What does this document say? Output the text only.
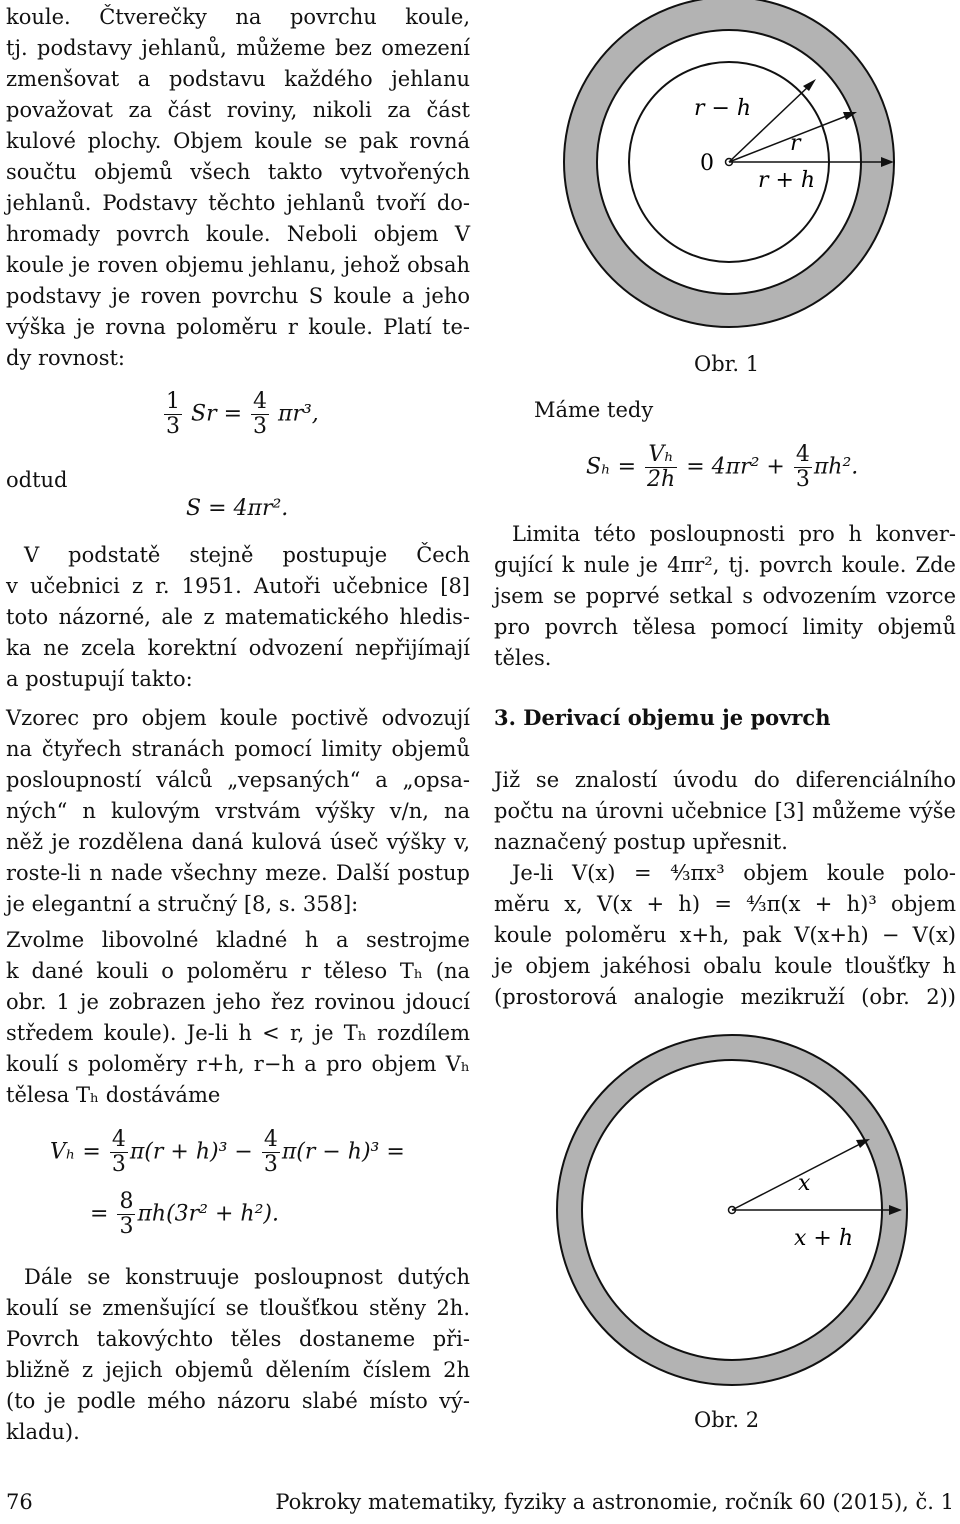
koule. Čtverečky na povrchu koule,
tj. podstavy jehlanů, můžeme bez omezení
zmenšovat a podstavu každého jehlanu
považovat za část roviny, nikoli za část
kulové plochy. Objem koule se pak rovná
součtu objemů všech takto vytvořených
jehlanů. Podstavy těchto jehlanů tvoří do-
hromady povrch koule. Neboli objem V
koule je roven objemu jehlanu, jehož obsah
podstavy je roven povrchu S koule a jeho
výška je rovna poloměru r koule. Platí te-
dy rovnost:
$\frac{1}{3}$ $Sr = \frac{4}{3} \pi r^3$,
odtud
S = 4πr².
V podstatě stejně postupuje Čech
v učebnici z r. 1951. Autoři učebnice [8]
toto názorné, ale z matematického hledis-
ka ne zcela korektní odvození nepřijímají
a postupují takto:
Vzorec pro objem koule poctivě odvozují
na čtyřech stranách pomocí limity objemů
posloupností válců „vepsaných“ a „opsa-
ných“ n kulovým vrstvám výšky v/n, na
něž je rozdělena daná kulová úseč výšky v,
roste-li n nade všechny meze. Další postup
je elegantní a stručný [8, s. 358]:
Zvolme libovolné kladné h a sestrojme
k dané kouli o poloměru r těleso Tₕ (na
obr. 1 je zobrazen jeho řez rovinou jdoucí
středem koule). Je-li h < r, je Tₕ rozdílem
koulí s poloměry r+h, r−h a pro objem Vₕ
tělesa Tₕ dostáváme
$V_h = \frac{4}{3} \pi(r + h)^3 - \frac{4}{3} \pi(r - h)^3$ =
= $\frac{8}{3} \pi h(3r^2 + h^2)$.
Dále se konstruuje posloupnost dutých
koulí se zmenšující se tloušťkou stěny 2h.
Povrch takovýchto těles dostaneme při-
bližně z jejich objemů dělením číslem 2h
(to je podle mého názoru slabé místo vý-
kladu).
r − h
0
r
r + h
Obr. 1
Máme tedy
$S_h = \frac{\text{Vₕ}}{2h} = 4\pi r^2 + \frac{4}{3} \pi h^2$.
Limita této posloupnosti pro h konver-
gující k nule je 4πr², tj. povrch koule. Zde
jsem se poprvé setkal s odvozením vzorce
pro povrch tělesa pomocí limity objemů
těles.
3. Derivací objemu je povrch
Již se znalostí úvodu do diferenciálního
počtu na úrovni učebnice [3] můžeme výše
naznačený postup upřesnit.
Je-li V(x) = ⁴⁄₃πx³ objem koule polo-
měru x, V(x + h) = ⁴⁄₃π(x + h)³ objem
koule poloměru x+h, pak V(x+h) − V(x)
je objem jakéhosi obalu koule tloušťky h
(prostorová analogie mezikruží (obr. 2))
x
x + h
Obr. 2
76	Pokroky matematiky, fyziky a astronomie, ročník 60 (2015), č. 1
